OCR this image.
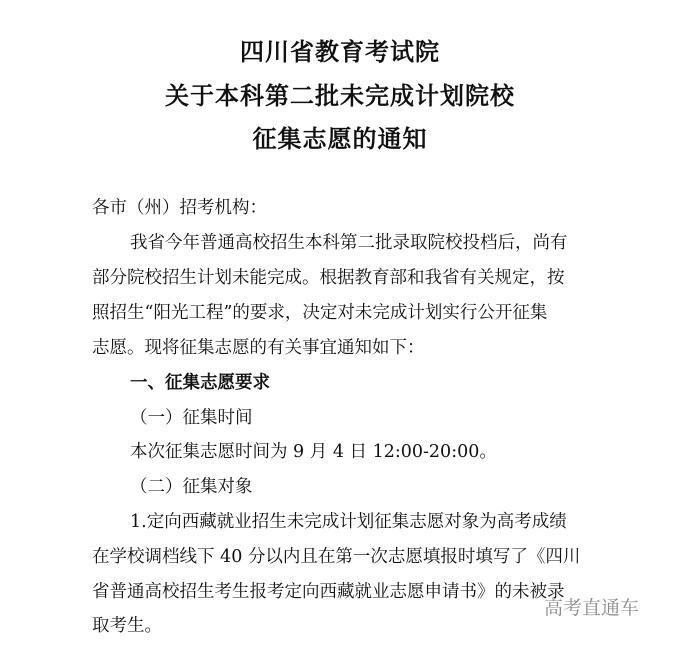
四川省教育考试院
关于本科第二批未完成计划院校
征集志愿的通知
各市（州）招考机构：
我省今年普通高校招生本科第二批录取院校投档后，尚有
部分院校招生计划未能完成。根据教育部和我省有关规定，按
照招生“阳光工程”的要求，决定对未完成计划实行公开征集
志愿。现将征集志愿的有关事宜通知如下：
一、征集志愿要求
（一）征集时间
本次征集志愿时间为 9 月 4 日 12:00-20:00。
（二）征集对象
1.定向西藏就业招生未完成计划征集志愿对象为高考成绩
在学校调档线下 40 分以内且在第一次志愿填报时填写了《四川
省普通高校招生考生报考定向西藏就业志愿申请书》的未被录
取考生。
高考直通车
